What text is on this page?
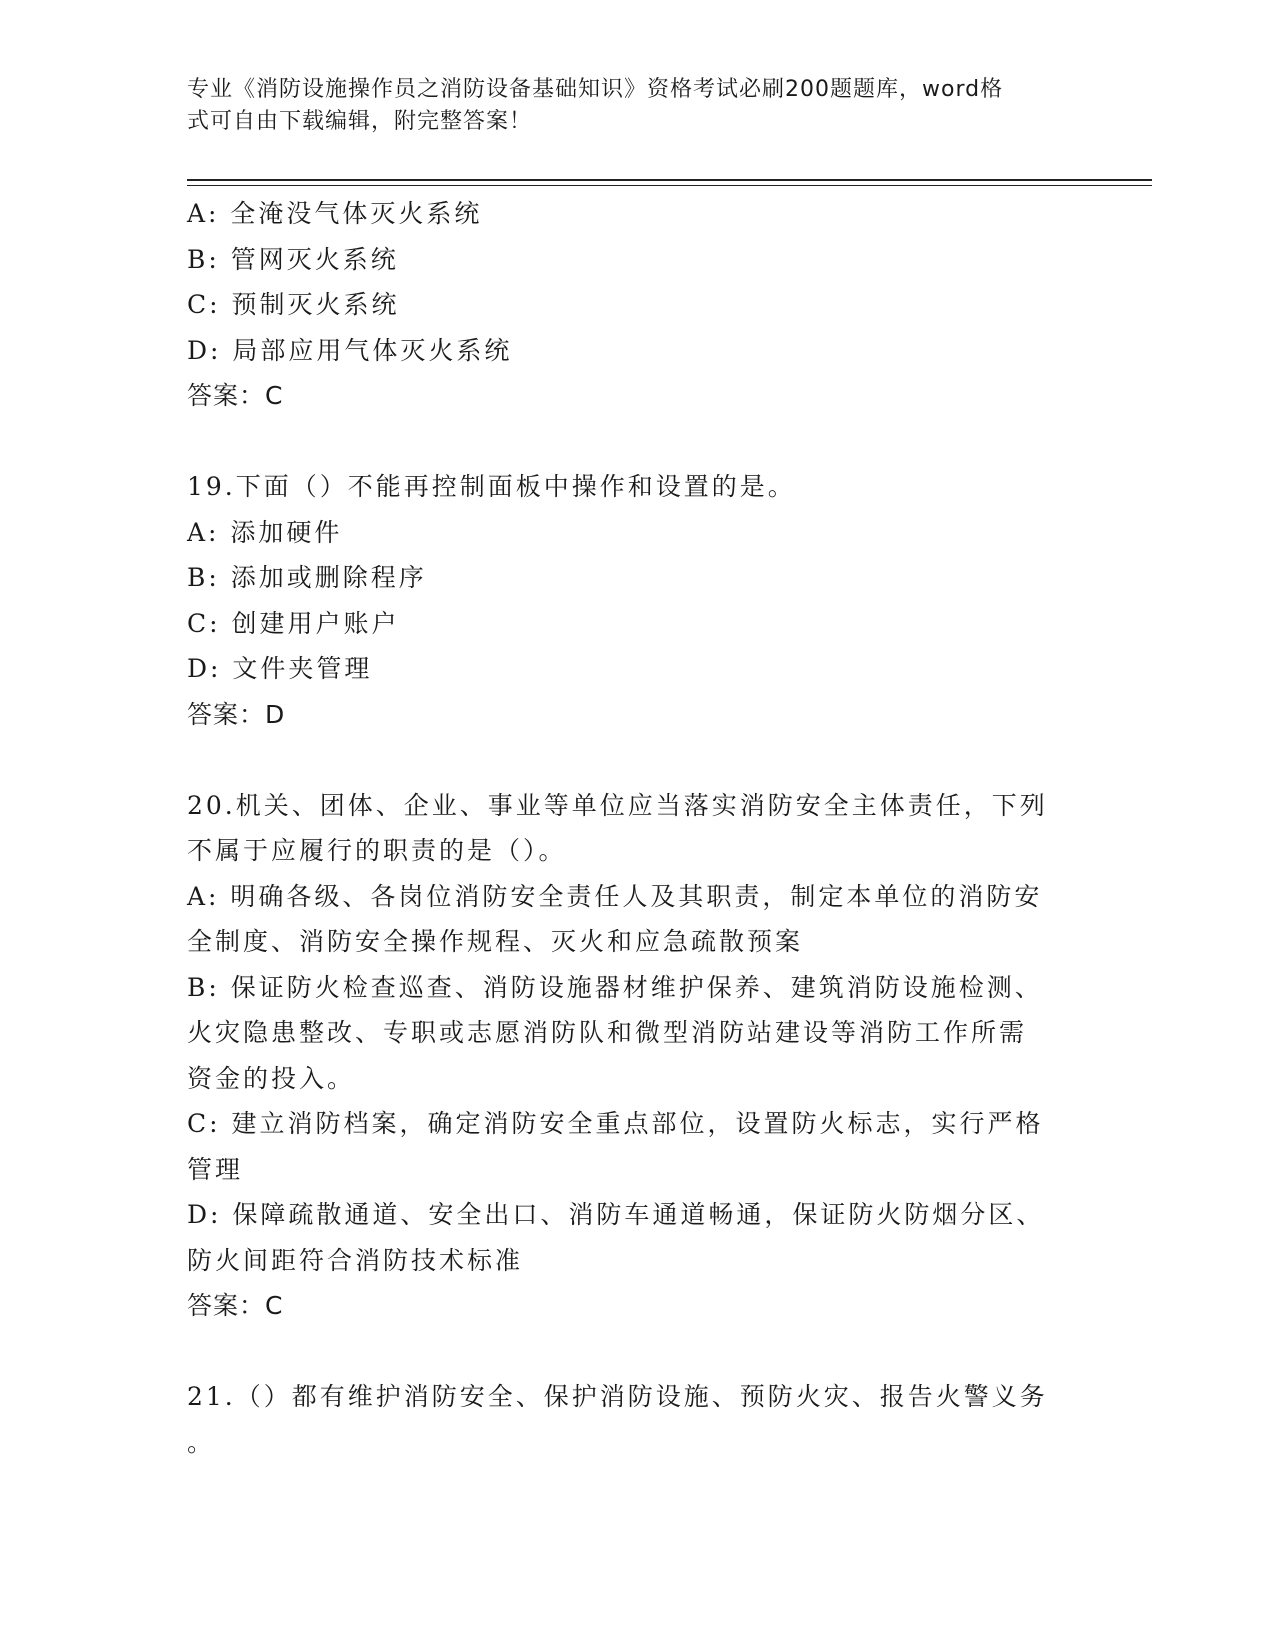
专业《消防设施操作员之消防设备基础知识》资格考试必刷200题题库，word格
式可自由下载编辑，附完整答案！
A: 全淹没气体灭火系统
B: 管网灭火系统
C: 预制灭火系统
D: 局部应用气体灭火系统
答案：C
19.下面（）不能再控制面板中操作和设置的是。
A: 添加硬件
B: 添加或删除程序
C: 创建用户账户
D: 文件夹管理
答案：D
20.机关、团体、企业、事业等单位应当落实消防安全主体责任，下列
不属于应履行的职责的是（）。
A: 明确各级、各岗位消防安全责任人及其职责，制定本单位的消防安
全制度、消防安全操作规程、灭火和应急疏散预案
B: 保证防火检查巡查、消防设施器材维护保养、建筑消防设施检测、
火灾隐患整改、专职或志愿消防队和微型消防站建设等消防工作所需
资金的投入。
C: 建立消防档案，确定消防安全重点部位，设置防火标志，实行严格
管理
D: 保障疏散通道、安全出口、消防车通道畅通，保证防火防烟分区、
防火间距符合消防技术标准
答案：C
21.（）都有维护消防安全、保护消防设施、预防火灾、报告火警义务
。
